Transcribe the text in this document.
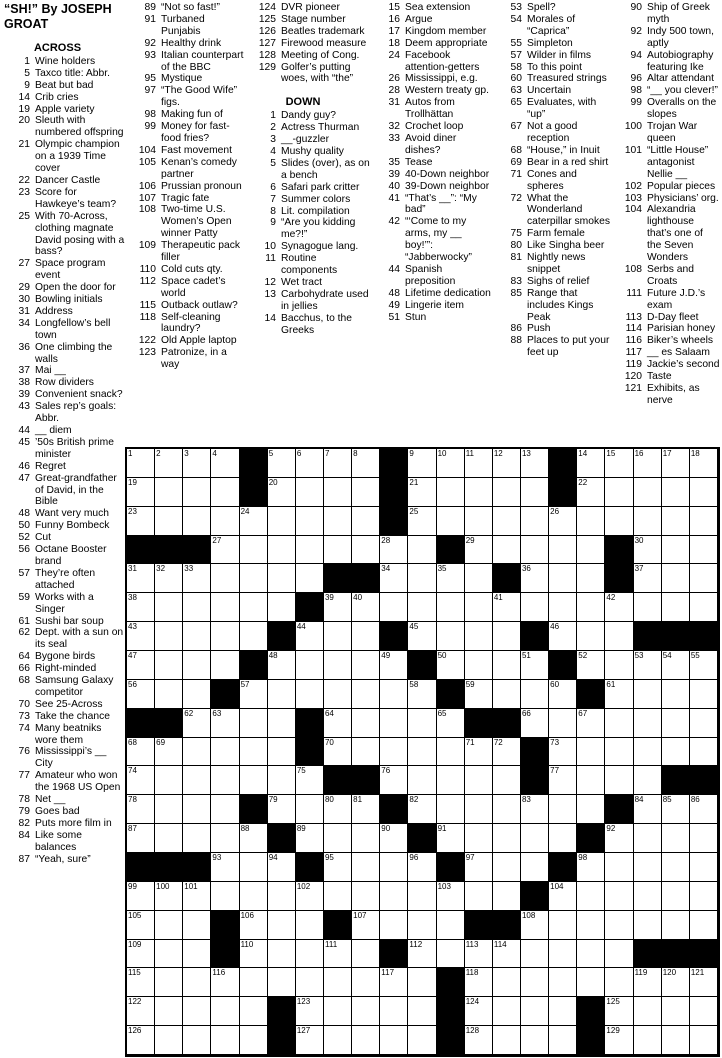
“SH!” By JOSEPH GROAT
ACROSS
1 Wine holders
5 Taxco title: Abbr.
9 Beat but bad
14 Crib cries
19 Apple variety
20 Sleuth with numbered offspring
21 Olympic champion on a 1939 Time cover
22 Dancer Castle
23 Score for Hawkeye’s team?
25 With 70-Across, clothing magnate David posing with a bass?
27 Space program event
29 Open the door for
30 Bowling initials
31 Address
34 Longfellow’s bell town
36 One climbing the walls
37 Mai __
38 Row dividers
39 Convenient snack?
43 Sales rep’s goals: Abbr.
44 __ diem
45 ’50s British prime minister
46 Regret
47 Great-grandfather of David, in the Bible
48 Want very much
50 Funny Bombeck
52 Cut
56 Octane Booster brand
57 They’re often attached
59 Works with a Singer
61 Sushi bar soup
62 Dept. with a sun on its seal
64 Bygone birds
66 Right-minded
68 Samsung Galaxy competitor
70 See 25-Across
73 Take the chance
74 Many beatniks wore them
76 Mississippi’s __ City
77 Amateur who won the 1968 US Open
78 Net __
79 Goes bad
82 Puts more film in
84 Like some balances
87 “Yeah, sure”
89 “Not so fast!”
91 Turbaned Punjabis
92 Healthy drink
93 Italian counterpart of the BBC
95 Mystique
97 “The Good Wife” figs.
98 Making fun of
99 Money for fast-food fries?
104 Fast movement
105 Kenan’s comedy partner
106 Prussian pronoun
107 Tragic fate
108 Two-time U.S. Women’s Open winner Patty
109 Therapeutic pack filler
110 Cold cuts qty.
112 Space cadet’s world
115 Outback outlaw?
118 Self-cleaning laundry?
122 Old Apple laptop
123 Patronize, in a way
124 DVR pioneer
125 Stage number
126 Beatles trademark
127 Firewood measure
128 Meeting of Cong.
129 Golfer’s putting woes, with “the”
DOWN
1 Dandy guy?
2 Actress Thurman
3 __-guzzler
4 Mushy quality
5 Slides (over), as on a bench
6 Safari park critter
7 Summer colors
8 Lit. compilation
9 “Are you kidding me?!”
10 Synagogue lang.
11 Routine components
12 Wet tract
13 Carbohydrate used in jellies
14 Bacchus, to the Greeks
15 Sea extension
16 Argue
17 Kingdom member
18 Deem appropriate
24 Facebook attention-getters
26 Mississippi, e.g.
28 Western treaty gp.
31 Autos from Trollhättan
32 Crochet loop
33 Avoid diner dishes?
35 Tease
39 40-Down neighbor
40 39-Down neighbor
41 “That’s __”: “My bad”
42 “‘Come to my arms, my __ boy!’”: “Jabberwocky”
44 Spanish preposition
48 Lifetime dedication
49 Lingerie item
51 Stun
53 Spell?
54 Morales of “Caprica”
55 Simpleton
57 Wilder in films
58 To this point
60 Treasured strings
63 Uncertain
65 Evaluates, with “up”
67 Not a good reception
68 “House,” in Inuit
69 Bear in a red shirt
71 Cones and spheres
72 What the Wonderland caterpillar smokes
75 Farm female
80 Like Singha beer
81 Nightly news snippet
83 Sighs of relief
85 Range that includes Kings Peak
86 Push
88 Places to put your feet up
90 Ship of Greek myth
92 Indy 500 town, aptly
94 Autobiography featuring Ike
96 Altar attendant
98 “__ you clever!”
99 Overalls on the slopes
100 Trojan War queen
101 “Little House” antagonist Nellie __
102 Popular pieces
103 Physicians’ org.
104 Alexandria lighthouse that’s one of the Seven Wonders
108 Serbs and Croats
111 Future J.D.’s exam
113 D-Day fleet
114 Parisian honey
116 Biker’s wheels
117 __ es Salaam
119 Jackie’s second
120 Taste
121 Exhibits, as nerve
1	2	3	4	5	6	7	8	9	10 11 12 13	14 15 16 17 18
19	20	21	22
23	24	25	26
27	28	29	30
31 32 33	34	35	36	37
38	39 40	41	42
43	44	45	46
47	48	49	50	51	52	53 54 55
56	57	58	59	60	61
62 63	64	65	66	67
68 69	70	71 72	73
74	75	76	77
78	79	80 81	82	83	84 85 86
87	88	89	90	91	92
93	94	95	96	97	98
99 100 101	102	103	104
105	106	107	108
109	110	111	112	113 114
115	116	117	118	119 120 121
122	123	124	125
126	127	128	129
